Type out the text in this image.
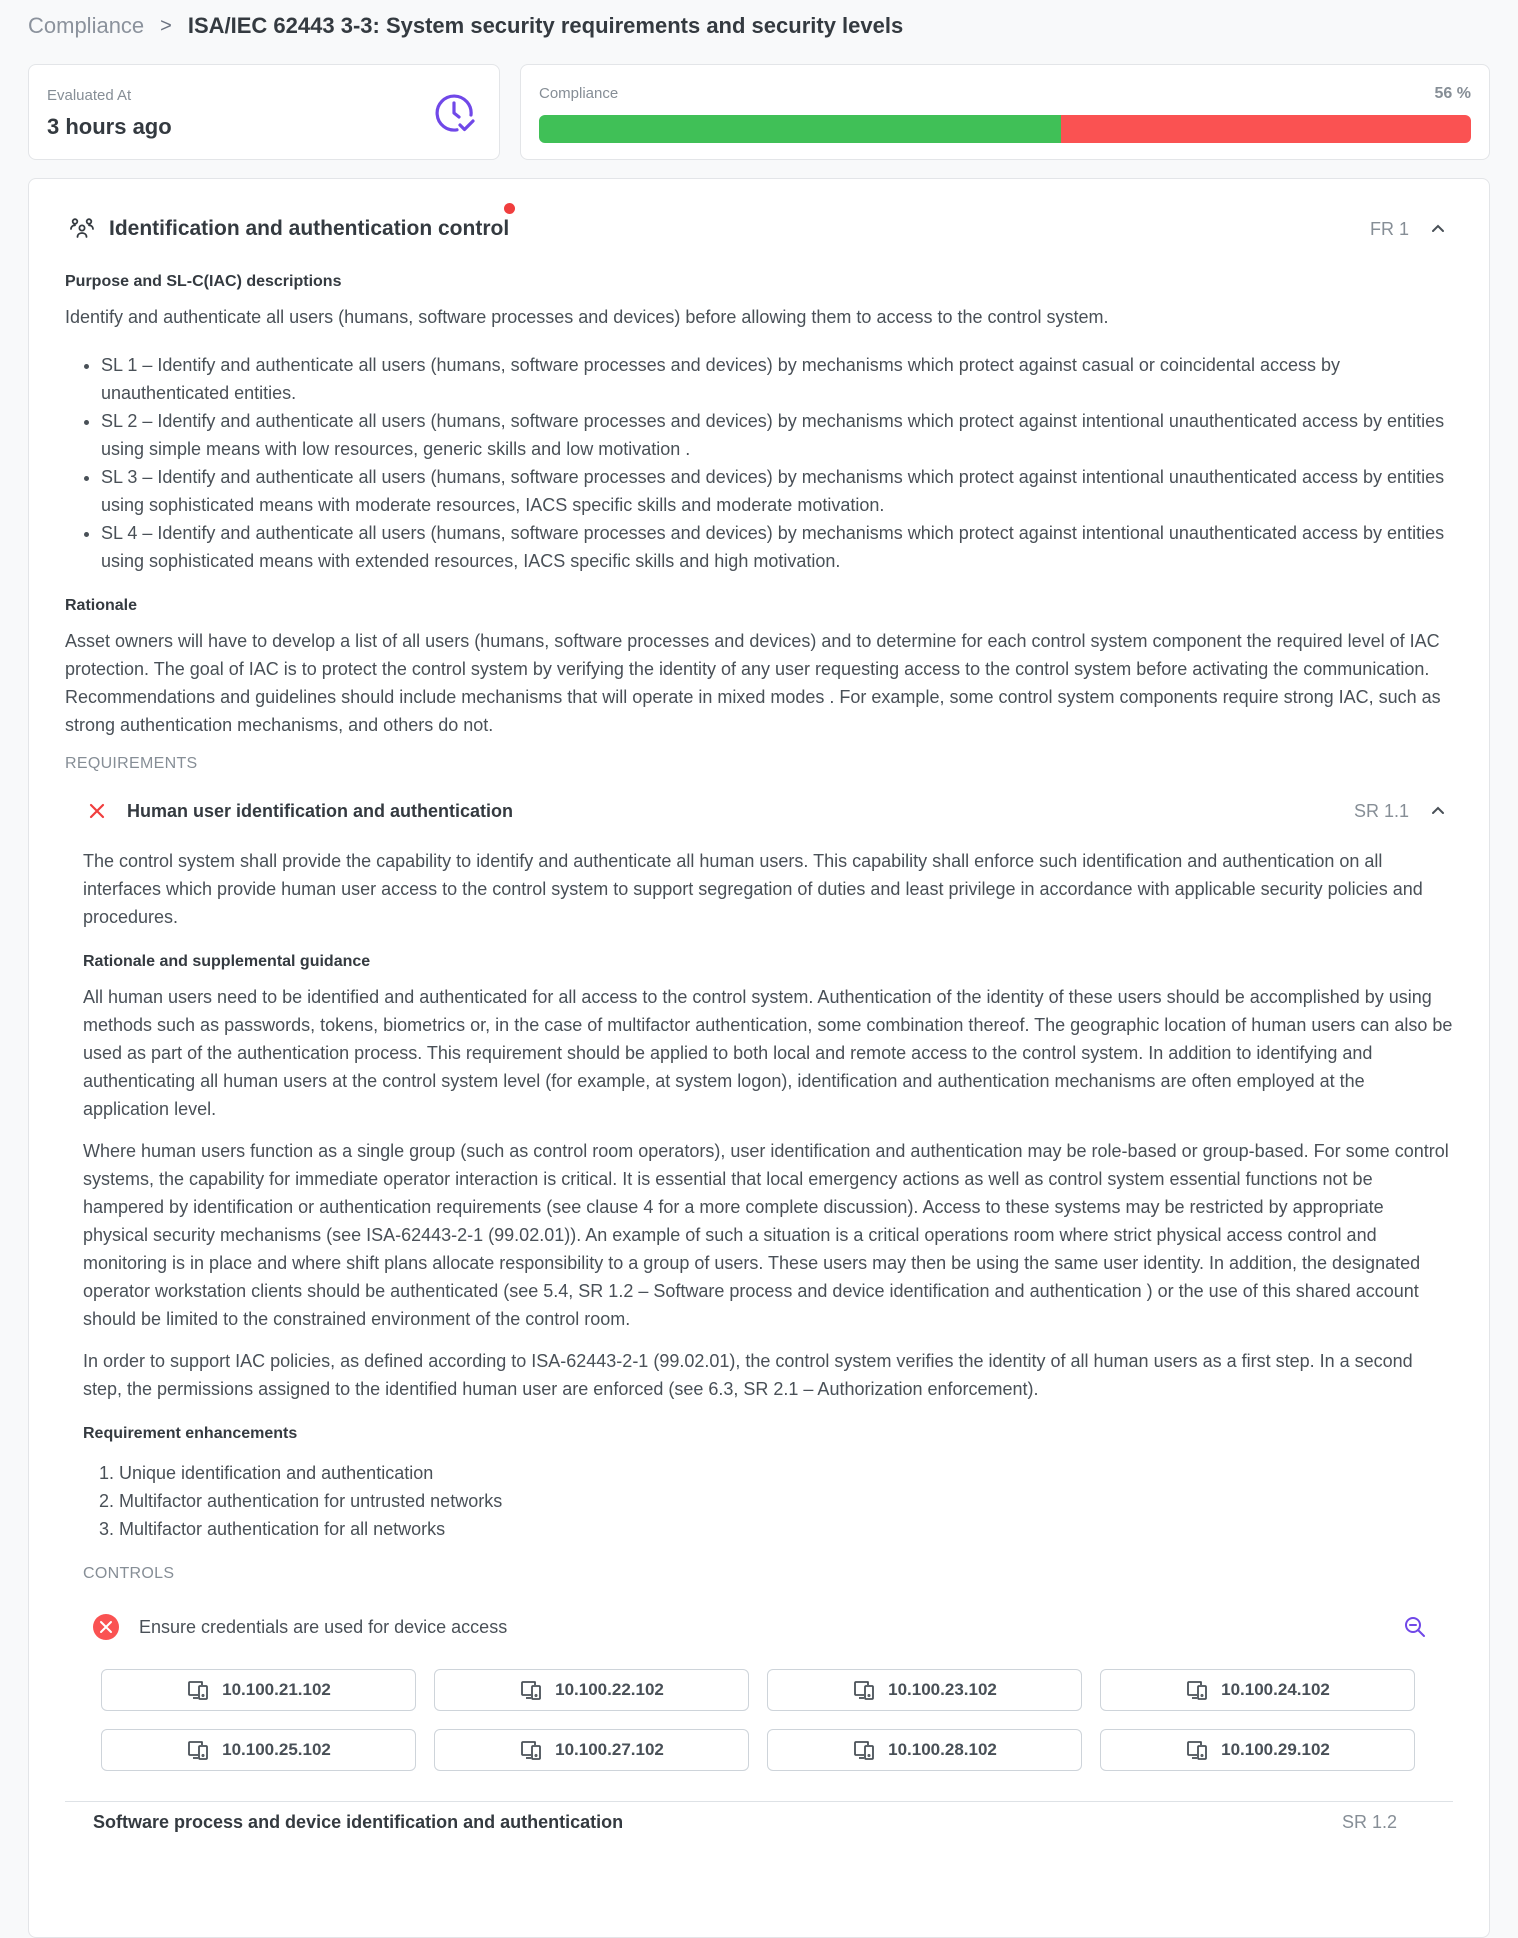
Compliance > ISA/IEC 62443 3-3: System security requirements and security levels
Evaluated At
3 hours ago
Compliance	56 %
Identification and authentication control	FR 1
Purpose and SL-C(IAC) descriptions

Identify and authenticate all users (humans, software processes and devices) before allowing them to access to the control system.

• SL 1 – Identify and authenticate all users (humans, software processes and devices) by mechanisms which protect against casual or coincidental access by unauthenticated entities.
• SL 2 – Identify and authenticate all users (humans, software processes and devices) by mechanisms which protect against intentional unauthenticated access by entities using simple means with low resources, generic skills and low motivation .
• SL 3 – Identify and authenticate all users (humans, software processes and devices) by mechanisms which protect against intentional unauthenticated access by entities using sophisticated means with moderate resources, IACS specific skills and moderate motivation.
• SL 4 – Identify and authenticate all users (humans, software processes and devices) by mechanisms which protect against intentional unauthenticated access by entities using sophisticated means with extended resources, IACS specific skills and high motivation.
Rationale

Asset owners will have to develop a list of all users (humans, software processes and devices) and to determine for each control system component the required level of IAC protection. The goal of IAC is to protect the control system by verifying the identity of any user requesting access to the control system before activating the communication. Recommendations and guidelines should include mechanisms that will operate in mixed modes . For example, some control system components require strong IAC, such as strong authentication mechanisms, and others do not.

REQUIREMENTS
Human user identification and authentication	SR 1.1

The control system shall provide the capability to identify and authenticate all human users. This capability shall enforce such identification and authentication on all interfaces which provide human user access to the control system to support segregation of duties and least privilege in accordance with applicable security policies and procedures.

Rationale and supplemental guidance

All human users need to be identified and authenticated for all access to the control system. Authentication of the identity of these users should be accomplished by using methods such as passwords, tokens, biometrics or, in the case of multifactor authentication, some combination thereof. The geographic location of human users can also be used as part of the authentication process. This requirement should be applied to both local and remote access to the control system. In addition to identifying and authenticating all human users at the control system level (for example, at system logon), identification and authentication mechanisms are often employed at the application level.

Where human users function as a single group (such as control room operators), user identification and authentication may be role-based or group-based. For some control systems, the capability for immediate operator interaction is critical. It is essential that local emergency actions as well as control system essential functions not be hampered by identification or authentication requirements (see clause 4 for a more complete discussion). Access to these systems may be restricted by appropriate physical security mechanisms (see ISA-62443-2-1 (99.02.01)). An example of such a situation is a critical operations room where strict physical access control and monitoring is in place and where shift plans allocate responsibility to a group of users. These users may then be using the same user identity. In addition, the designated operator workstation clients should be authenticated (see 5.4, SR 1.2 – Software process and device identification and authentication ) or the use of this shared account should be limited to the constrained environment of the control room.

In order to support IAC policies, as defined according to ISA-62443-2-1 (99.02.01), the control system verifies the identity of all human users as a first step. In a second step, the permissions assigned to the identified human user are enforced (see 6.3, SR 2.1 – Authorization enforcement).

Requirement enhancements
1. Unique identification and authentication
2. Multifactor authentication for untrusted networks
3. Multifactor authentication for all networks
CONTROLS
Ensure credentials are used for device access
10.100.21.102	10.100.22.102	10.100.23.102	10.100.24.102
10.100.25.102	10.100.27.102	10.100.28.102	10.100.29.102
Software process and device identification and authentication	SR 1.2
